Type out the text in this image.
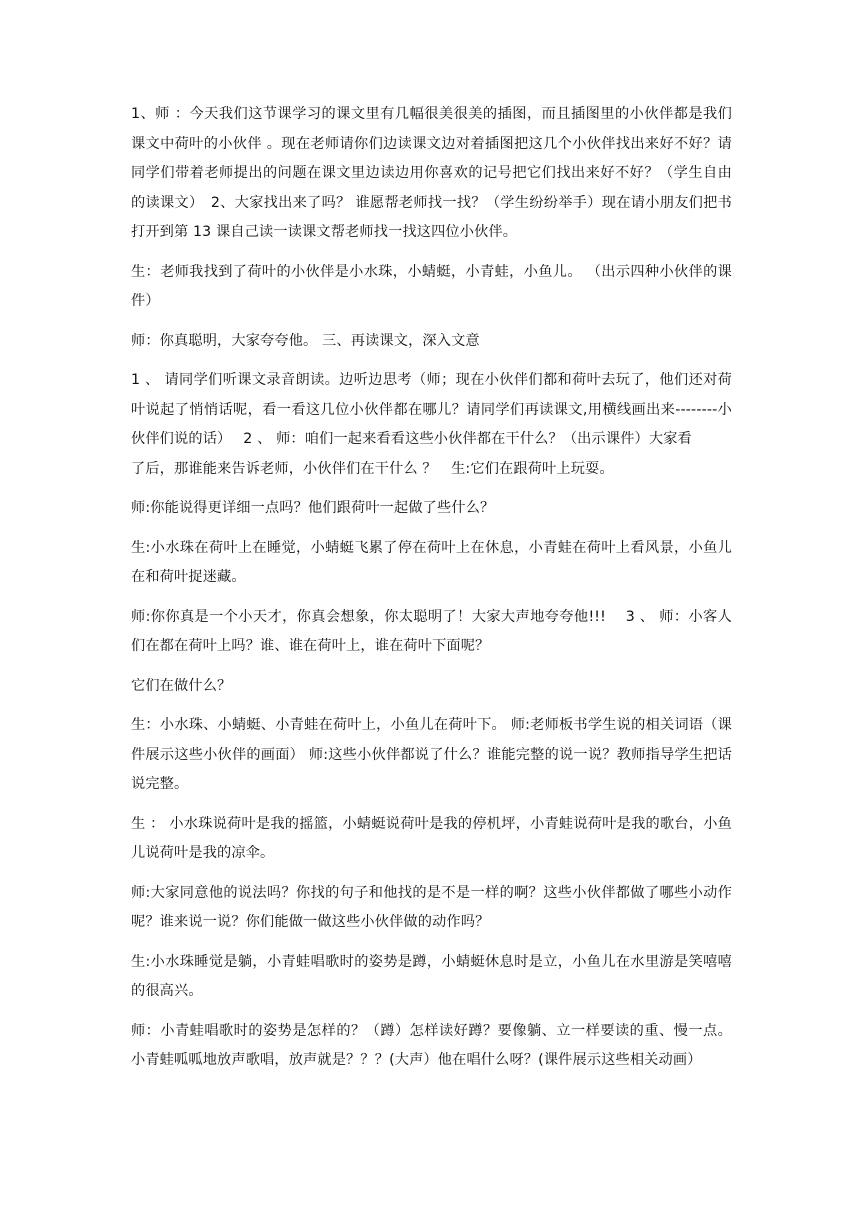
1、师 ：今天我们这节课学习的课文里有几幅很美很美的插图，而且插图里的小伙伴都是我们课文中荷叶的小伙伴 。现在老师请你们边读课文边对着插图把这几个小伙伴找出来好不好？请同学们带着老师提出的问题在课文里边读边用你喜欢的记号把它们找出来好不好？（学生自由的读课文）　2、大家找出来了吗？ 谁愿帮老师找一找？（学生纷纷举手）现在请小朋友们把书打开到第 13 课自己读一读课文帮老师找一找这四位小伙伴。

生：老师我找到了荷叶的小伙伴是小水珠，小蜻蜓，小青蛙，小鱼儿。 （出示四种小伙伴的课件）

师：你真聪明，大家夸夸他。 三、再读课文，深入文意

1 、 请同学们听课文录音朗读。边听边思考（师；现在小伙伴们都和荷叶去玩了，他们还对荷叶说起了悄悄话呢，看一看这几位小伙伴都在哪儿？请同学们再读课文,用横线画出来--------小伙伴们说的话）　 2 、 师：咱们一起来看看这些小伙伴都在干什么？（出示课件）大家看

了后，那谁能来告诉老师，小伙伴们在干什么 ？　生:它们在跟荷叶上玩耍。

师:你能说得更详细一点吗？他们跟荷叶一起做了些什么？

生:小水珠在荷叶上在睡觉，小蜻蜓飞累了停在荷叶上在休息，小青蛙在荷叶上看风景，小鱼儿在和荷叶捉迷藏。

师:你你真是一个小天才，你真会想象，你太聪明了！大家大声地夸夸他!!!　 3 、 师：小客人们在都在荷叶上吗？谁、谁在荷叶上，谁在荷叶下面呢？

它们在做什么？

生：小水珠、小蜻蜓、小青蛙在荷叶上，小鱼儿在荷叶下。 师:老师板书学生说的相关词语（课件展示这些小伙伴的画面） 师:这些小伙伴都说了什么？谁能完整的说一说？教师指导学生把话说完整。

生 ： 小水珠说荷叶是我的摇篮，小蜻蜓说荷叶是我的停机坪，小青蛙说荷叶是我的歌台，小鱼儿说荷叶是我的凉伞。

师:大家同意他的说法吗？你找的句子和他找的是不是一样的啊？这些小伙伴都做了哪些小动作呢？谁来说一说？你们能做一做这些小伙伴做的动作吗？

生:小水珠睡觉是躺，小青蛙唱歌时的姿势是蹲，小蜻蜓休息时是立，小鱼儿在水里游是笑嘻嘻的很高兴。

师：小青蛙唱歌时的姿势是怎样的？（蹲）怎样读好蹲？要像躺、立一样要读的重、慢一点。小青蛙呱呱地放声歌唱，放声就是？？？(大声）他在唱什么呀？(课件展示这些相关动画）
